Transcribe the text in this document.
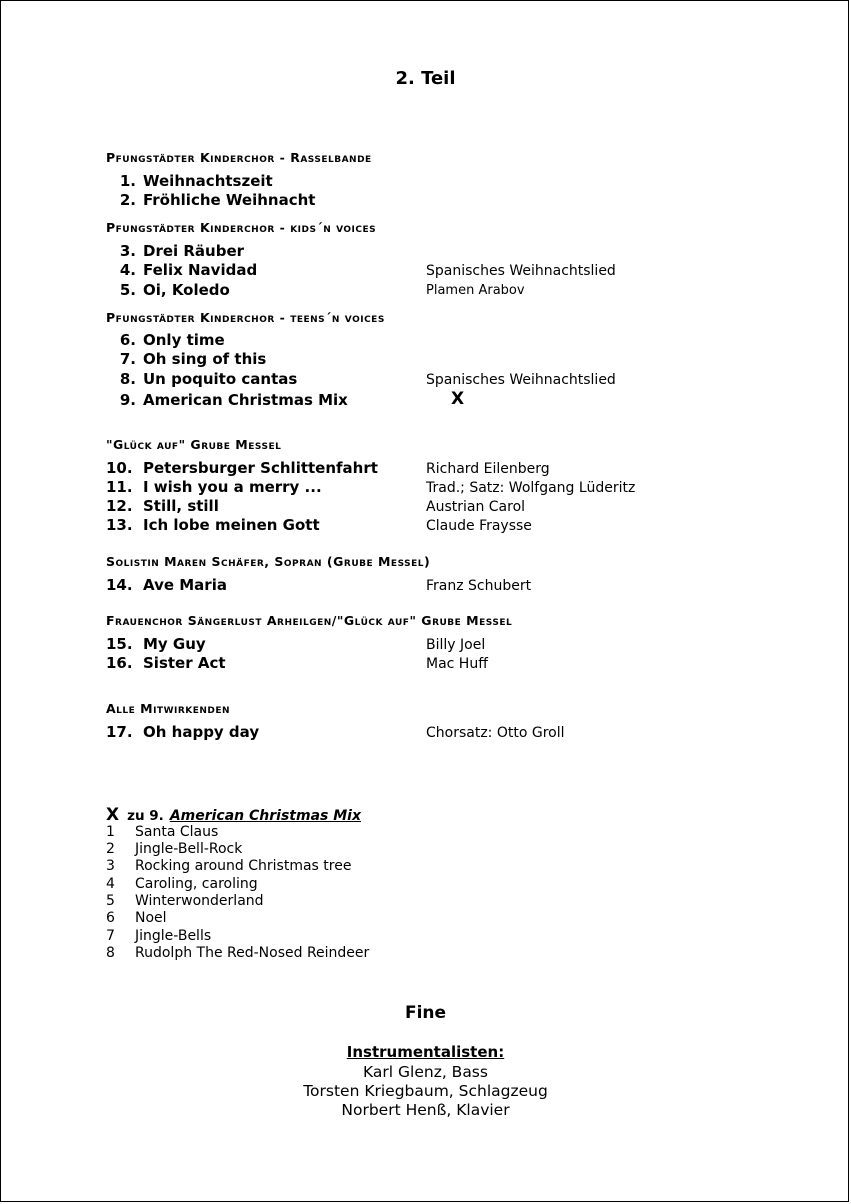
2. Teil
Pfungstädter Kinderchor - Rasselbande
1. Weihnachtszeit
2. Fröhliche Weihnacht
Pfungstädter Kinderchor - kids´n voices
3. Drei Räuber
4. Felix Navidad	Spanisches Weihnachtslied
5. Oi, Koledo	Plamen Arabov
Pfungstädter Kinderchor - teens´n voices
6. Only time
7. Oh sing of this
8. Un poquito cantas	Spanisches Weihnachtslied
9. American Christmas Mix	X
"Glück auf" Grube Messel
10. Petersburger Schlittenfahrt	Richard Eilenberg
11. I wish you a merry ...	Trad.; Satz: Wolfgang Lüderitz
12. Still, still	Austrian Carol
13. Ich lobe meinen Gott	Claude Fraysse
Solistin Maren Schäfer, Sopran (Grube Messel)
14. Ave Maria	Franz Schubert
Frauenchor Sängerlust Arheilgen/"Glück auf" Grube Messel
15. My Guy	Billy Joel
16. Sister Act	Mac Huff
Alle Mitwirkenden
17. Oh happy day	Chorsatz: Otto Groll
X zu 9. American Christmas Mix
1 Santa Claus
2 Jingle-Bell-Rock
3 Rocking around Christmas tree
4 Caroling, caroling
5 Winterwonderland
6 Noel
7 Jingle-Bells
8 Rudolph The Red-Nosed Reindeer
Fine
Instrumentalisten:
Karl Glenz, Bass
Torsten Kriegbaum, Schlagzeug
Norbert Henß, Klavier
